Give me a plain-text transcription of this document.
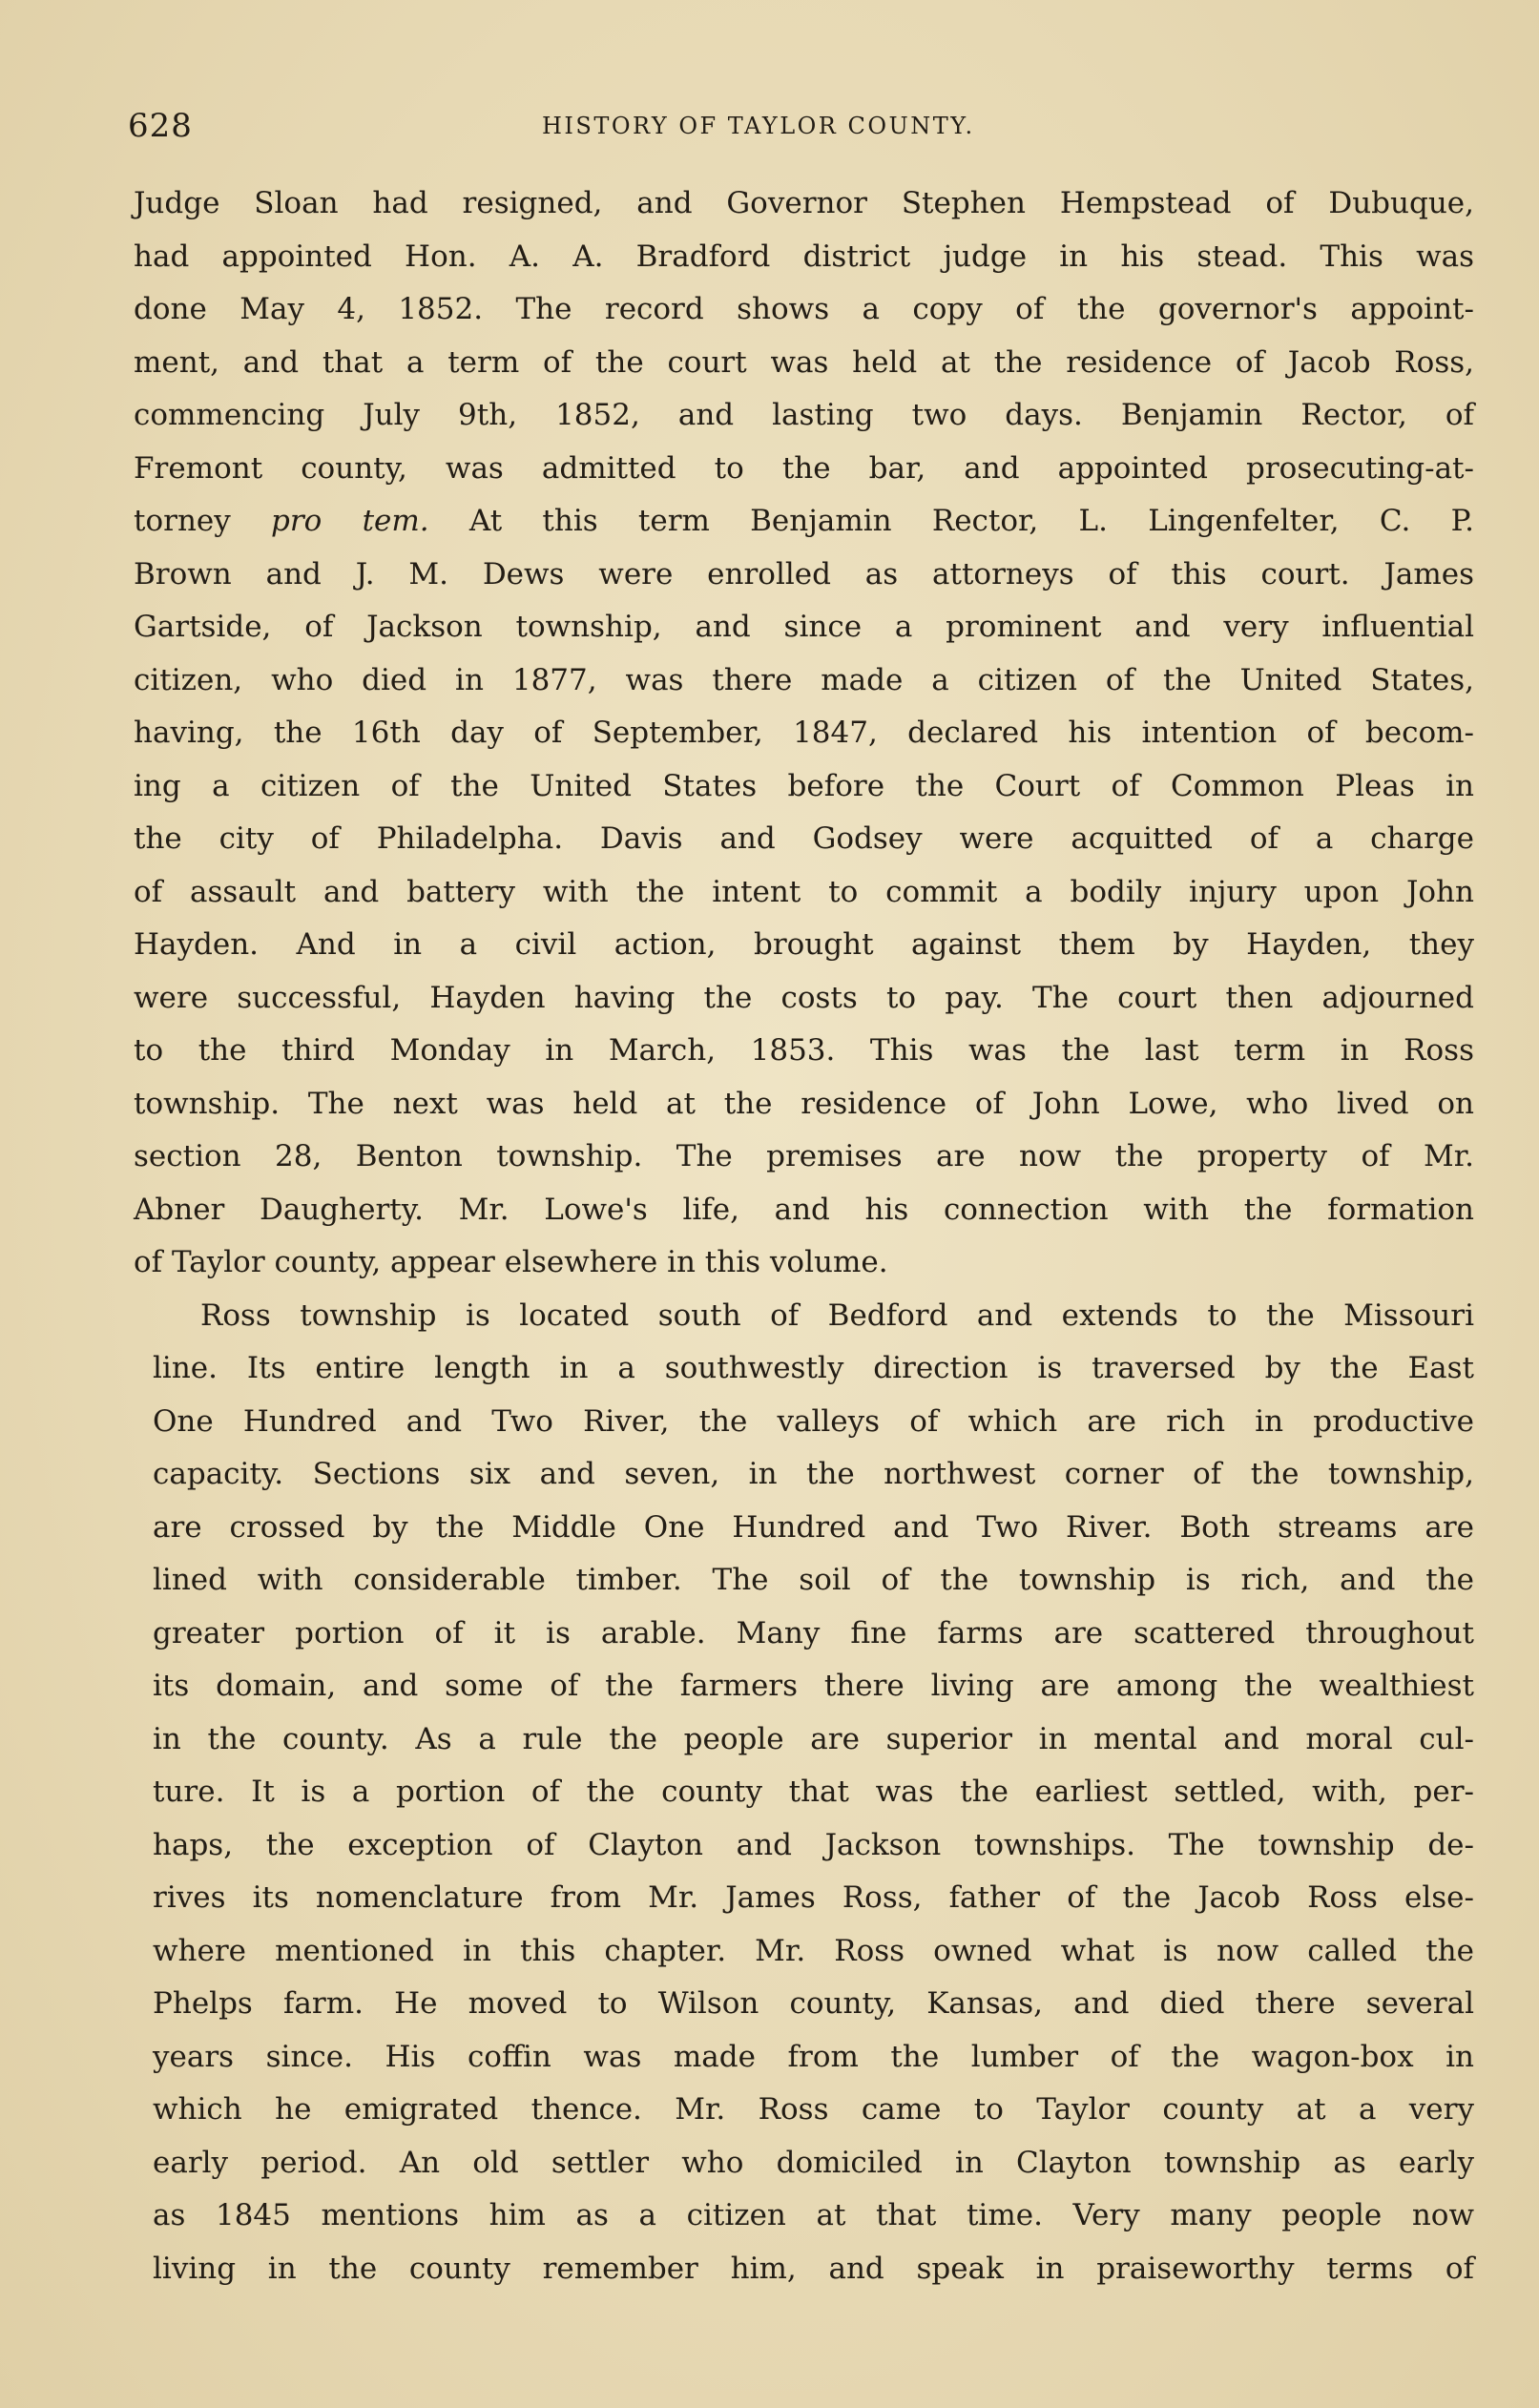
628	HISTORY OF TAYLOR COUNTY.
Judge Sloan had resigned, and Governor Stephen Hempstead of Dubuque,
had appointed Hon. A. A. Bradford district judge in his stead. This was
done May 4, 1852. The record shows a copy of the governor's appoint-
ment, and that a term of the court was held at the residence of Jacob Ross,
commencing July 9th, 1852, and lasting two days. Benjamin Rector, of
Fremont county, was admitted to the bar, and appointed prosecuting-at-
torney pro tem. At this term Benjamin Rector, L. Lingenfelter, C. P.
Brown and J. M. Dews were enrolled as attorneys of this court. James
Gartside, of Jackson township, and since a prominent and very influential
citizen, who died in 1877, was there made a citizen of the United States,
having, the 16th day of September, 1847, declared his intention of becom-
ing a citizen of the United States before the Court of Common Pleas in
the city of Philadelpha. Davis and Godsey were acquitted of a charge
of assault and battery with the intent to commit a bodily injury upon John
Hayden. And in a civil action, brought against them by Hayden, they
were successful, Hayden having the costs to pay. The court then adjourned
to the third Monday in March, 1853. This was the last term in Ross
township. The next was held at the residence of John Lowe, who lived on
section 28, Benton township. The premises are now the property of Mr.
Abner Daugherty. Mr. Lowe's life, and his connection with the formation
of Taylor county, appear elsewhere in this volume.
Ross township is located south of Bedford and extends to the Missouri
line. Its entire length in a southwestly direction is traversed by the East
One Hundred and Two River, the valleys of which are rich in productive
capacity. Sections six and seven, in the northwest corner of the township,
are crossed by the Middle One Hundred and Two River. Both streams are
lined with considerable timber. The soil of the township is rich, and the
greater portion of it is arable. Many fine farms are scattered throughout
its domain, and some of the farmers there living are among the wealthiest
in the county. As a rule the people are superior in mental and moral cul-
ture. It is a portion of the county that was the earliest settled, with, per-
haps, the exception of Clayton and Jackson townships. The township de-
rives its nomenclature from Mr. James Ross, father of the Jacob Ross else-
where mentioned in this chapter. Mr. Ross owned what is now called the
Phelps farm. He moved to Wilson county, Kansas, and died there several
years since. His coffin was made from the lumber of the wagon-box in
which he emigrated thence. Mr. Ross came to Taylor county at a very
early period. An old settler who domiciled in Clayton township as early
as 1845 mentions him as a citizen at that time. Very many people now
living in the county remember him, and speak in praiseworthy terms of
